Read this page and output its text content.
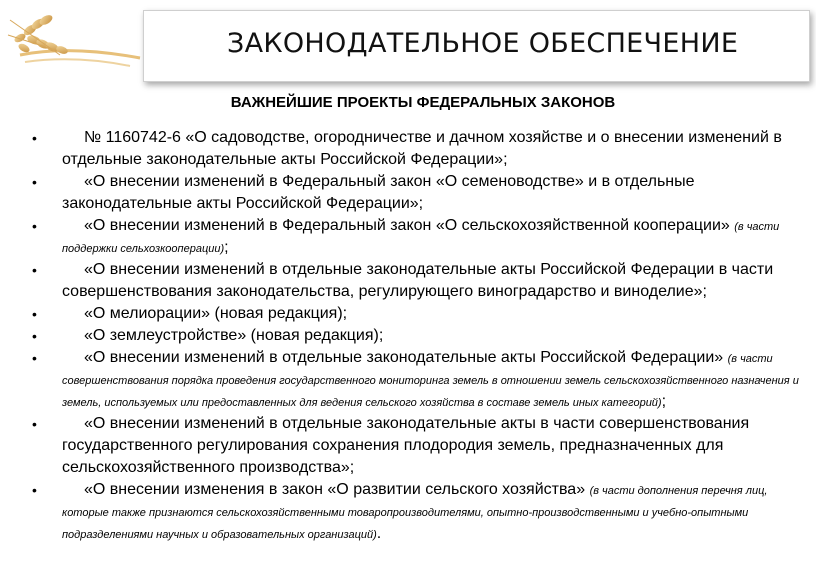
ЗАКОНОДАТЕЛЬНОЕ ОБЕСПЕЧЕНИЕ
ВАЖНЕЙШИЕ ПРОЕКТЫ ФЕДЕРАЛЬНЫХ ЗАКОНОВ
•	№ 1160742-6 «О садоводстве, огородничестве и дачном хозяйстве и о внесении изменений в отдельные законодательные акты Российской Федерации»;
•	«О внесении изменений в Федеральный закон «О семеноводстве» и в отдельные законодательные акты Российской Федерации»;
•	«О внесении изменений в Федеральный закон «О сельскохозяйственной кооперации» (в части поддержки сельхозкооперации);
•	«О внесении изменений в отдельные законодательные акты Российской Федерации в части совершенствования законодательства, регулирующего виноградарство и виноделие»;
•	«О мелиорации» (новая редакция);
•	«О землеустройстве» (новая редакция);
•	«О внесении изменений в отдельные законодательные акты Российской Федерации» (в части совершенствования порядка проведения государственного мониторинга земель в отношении земель сельскохозяйственного назначения и земель, используемых или предоставленных для ведения сельского хозяйства в составе земель иных категорий);
•	«О внесении изменений в отдельные законодательные акты в части совершенствования государственного регулирования сохранения плодородия земель, предназначенных для сельскохозяйственного производства»;
•	«О внесении изменения в закон «О развитии сельского хозяйства» (в части дополнения перечня лиц, которые также признаются сельскохозяйственными товаропроизводителями, опытно-производственными и учебно-опытными подразделениями научных и образовательных организаций).
